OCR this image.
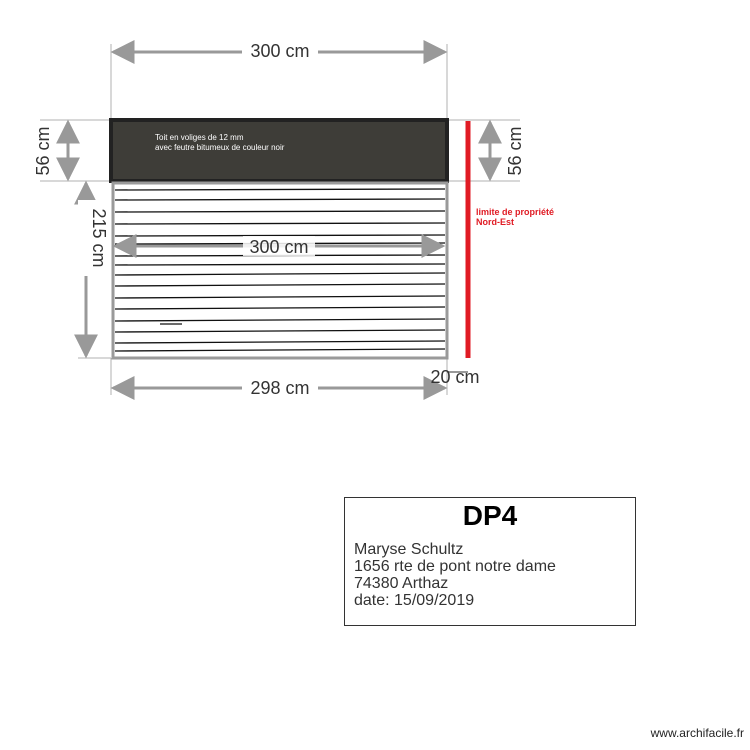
300 cm
Toit en voliges de 12 mm
avec feutre bitumeux de couleur noir
56 cm	56 cm
300 cm
215 cm	limite de propriété
Nord-Est
298 cm
20 cm
DP4
Maryse Schultz
1656 rte de pont notre dame
74380 Arthaz
date: 15/09/2019
www.archifacile.fr
